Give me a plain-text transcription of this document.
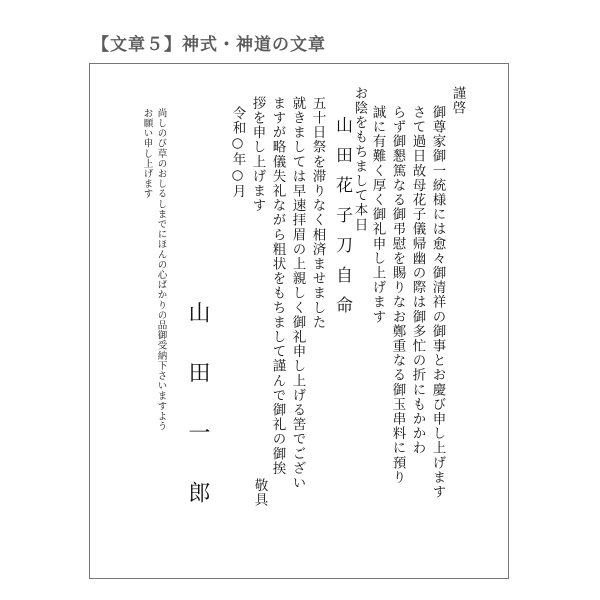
【文章５】神式・神道の文章
謹啓
御尊家御一統様には愈々御清祥の御事とお慶び申し上げます
さて過日故母花子儀帰幽の際は御多忙の折にもかかわ
らず御懇篤なる御弔慰を賜りなお鄭重なる御玉串料に預り
誠に有難く厚く御礼申し上げます
お陰をもちまして本日
山田花子刀自命
五十日祭を滞りなく相済ませました
就きましては早速拝眉の上親しく御礼申し上げる筈でござい
ますが略儀失礼ながら粗状をもちまして謹んで御礼の御挨
拶を申し上げます
敬具
令和○年○月
山田一郎
尚しのび草のおしるしまでにほんの心ばかりの品御受納下さいますよう
お願い申し上げます
